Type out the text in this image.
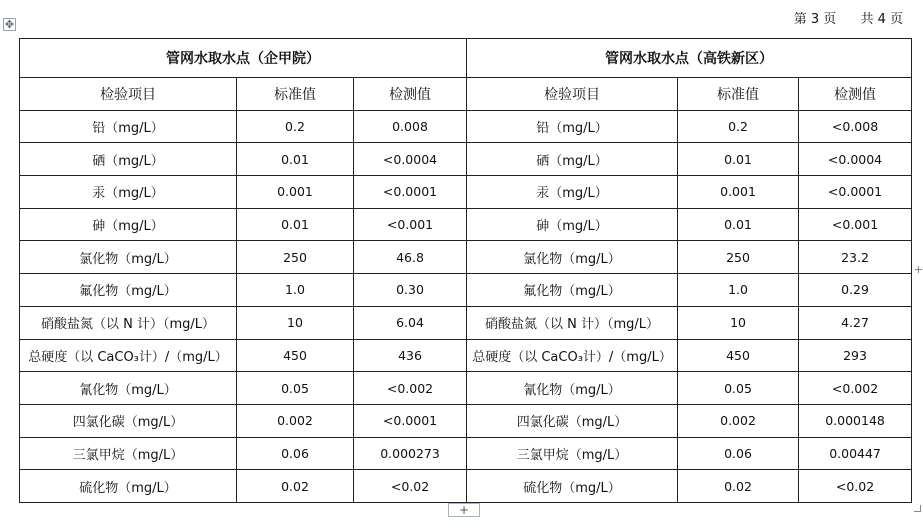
第 3 页 共 4 页
✥
管网水取水点（企甲院）			管网水取水点（高铁新区）		
检验项目	标准值	检测值	检验项目	标准值	检测值
铅（mg/L）	0.2	0.008	铅（mg/L）	0.2	<0.008
硒（mg/L）	0.01	<0.0004	硒（mg/L）	0.01	<0.0004
汞（mg/L）	0.001	<0.0001	汞（mg/L）	0.001	<0.0001
砷（mg/L）	0.01	<0.001	砷（mg/L）	0.01	<0.001
氯化物（mg/L）	250	46.8	氯化物（mg/L）	250	23.2
氟化物（mg/L）	1.0	0.30	氟化物（mg/L）	1.0	0.29
硝酸盐氮（以 N 计）（mg/L）	10	6.04	硝酸盐氮（以 N 计）（mg/L）	10	4.27
总硬度（以 CaCO₃计）/（mg/L）	450	436	总硬度（以 CaCO₃计）/（mg/L）	450	293
氰化物（mg/L）	0.05	<0.002	氰化物（mg/L）	0.05	<0.002
四氯化碳（mg/L）	0.002	<0.0001	四氯化碳（mg/L）	0.002	0.000148
三氯甲烷（mg/L）	0.06	0.000273	三氯甲烷（mg/L）	0.06	0.00447
硫化物（mg/L）	0.02	<0.02	硫化物（mg/L）	0.02	<0.02
+
+
